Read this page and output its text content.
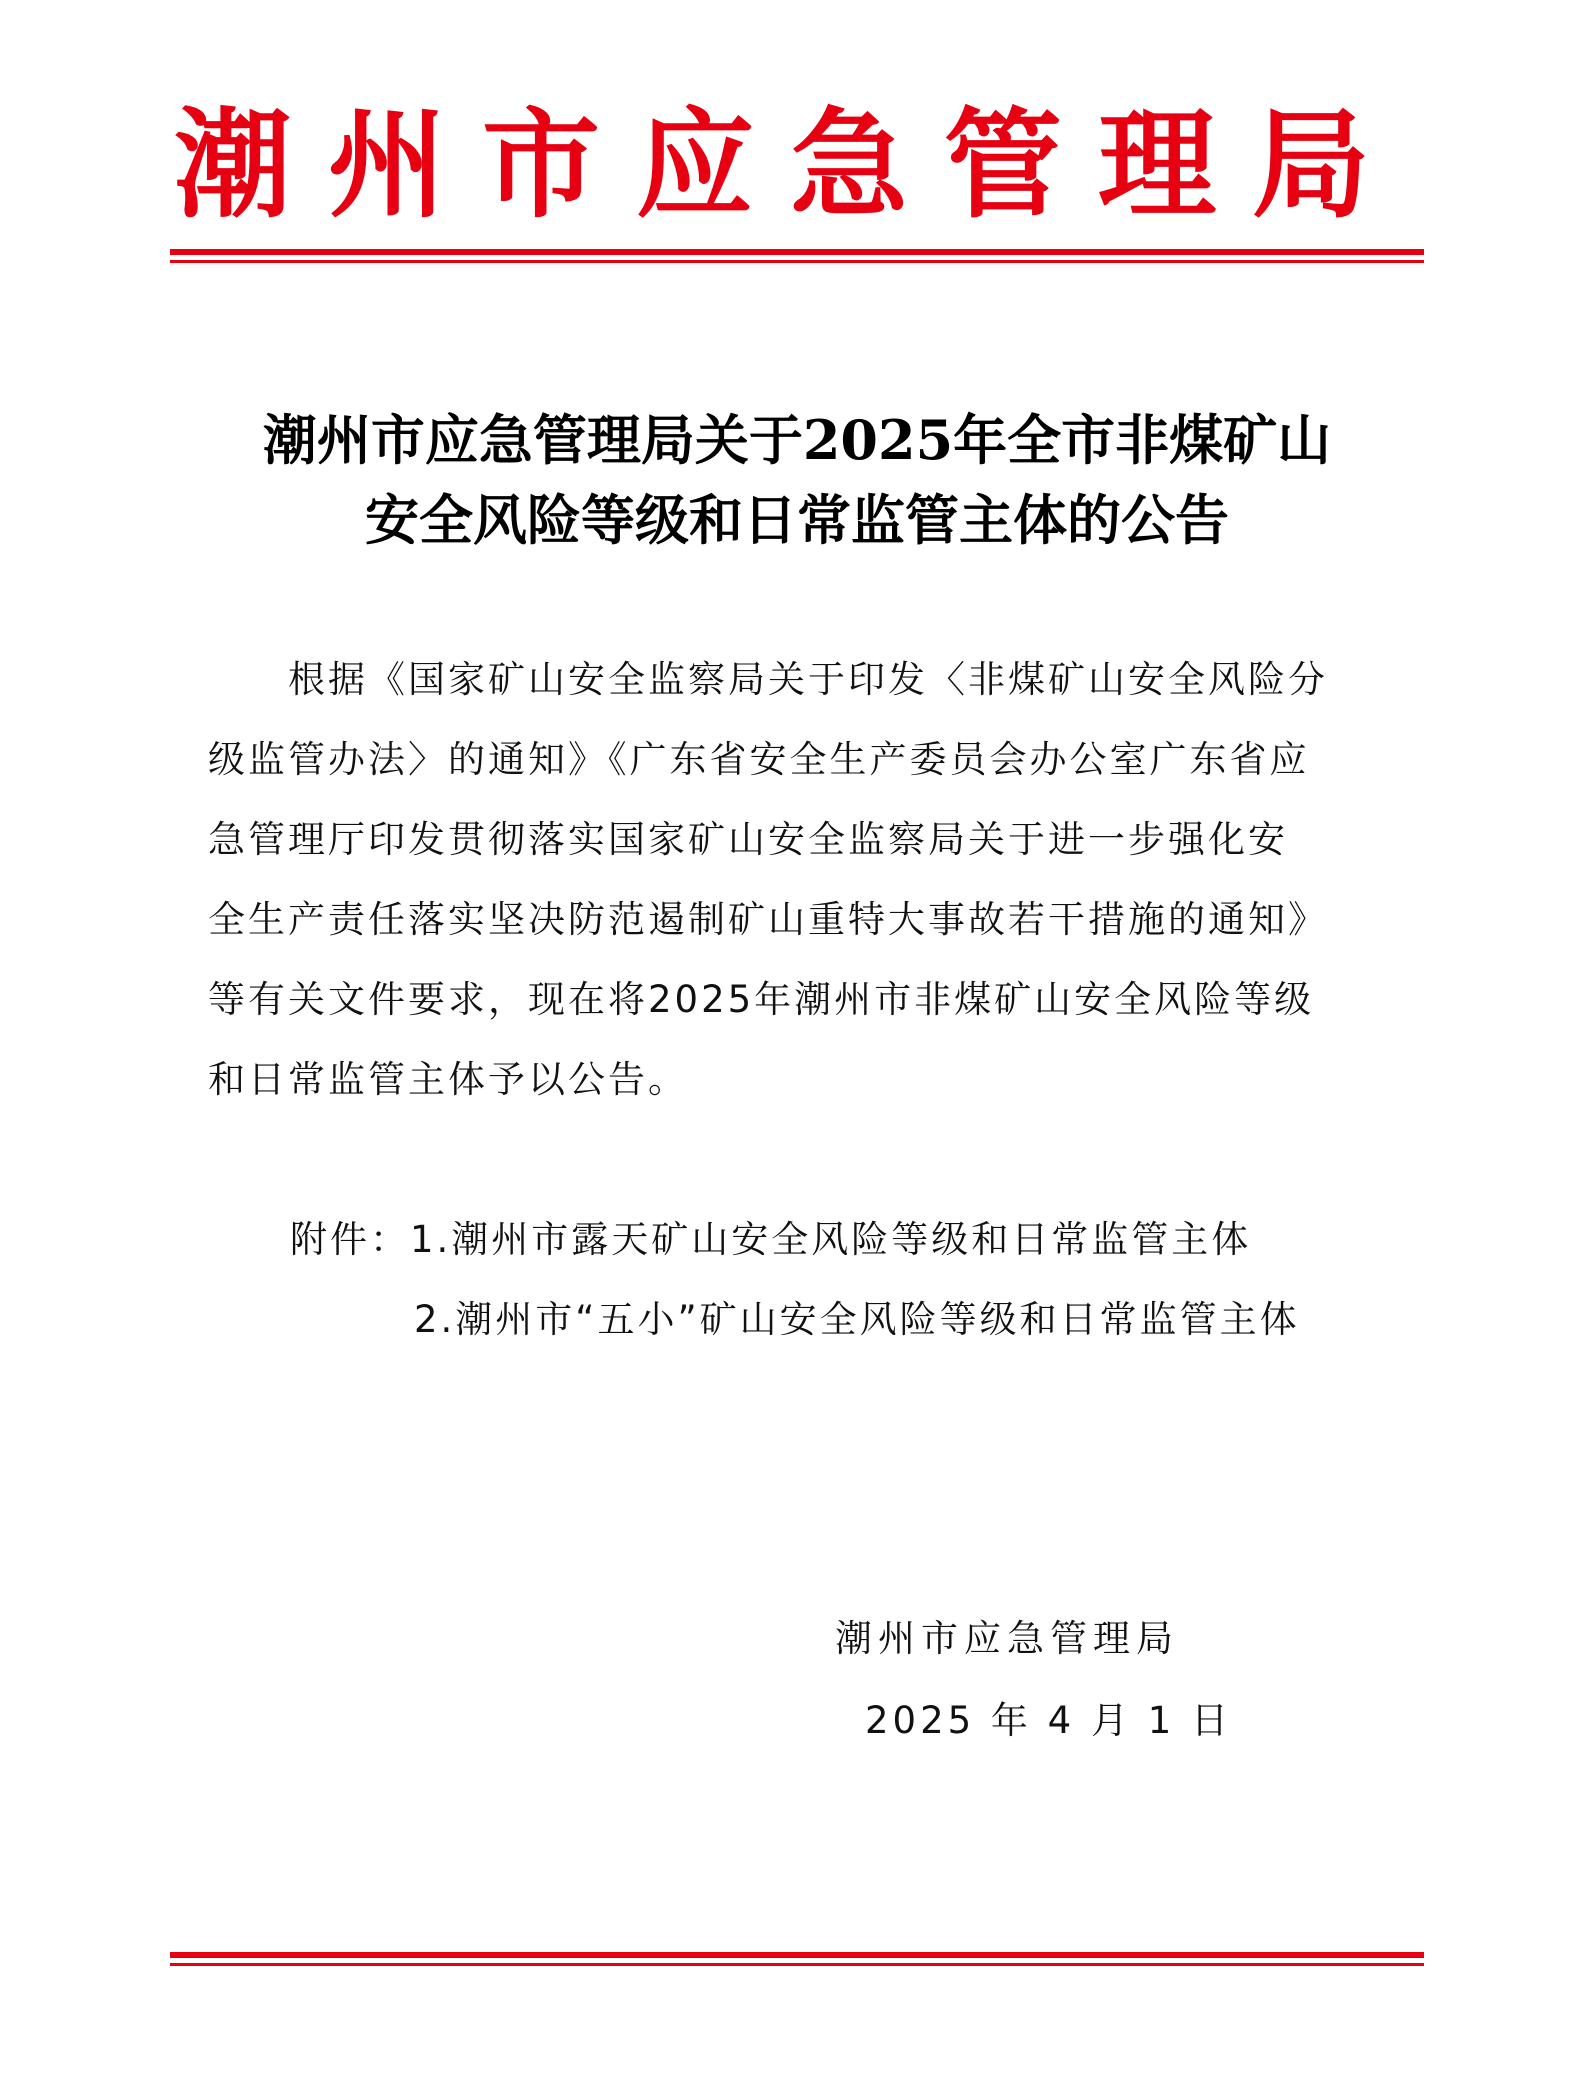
潮州市应急管理局
潮州市应急管理局关于2025年全市非煤矿山
安全风险等级和日常监管主体的公告
根据《国家矿山安全监察局关于印发〈非煤矿山安全风险分
级监管办法〉的通知》《广东省安全生产委员会办公室广东省应
急管理厅印发贯彻落实国家矿山安全监察局关于进一步强化安
全生产责任落实坚决防范遏制矿山重特大事故若干措施的通知》
等有关文件要求，现在将2025年潮州市非煤矿山安全风险等级
和日常监管主体予以公告。
附件：1.潮州市露天矿山安全风险等级和日常监管主体
2.潮州市“五小”矿山安全风险等级和日常监管主体
潮州市应急管理局
2025 年 4 月 1 日
